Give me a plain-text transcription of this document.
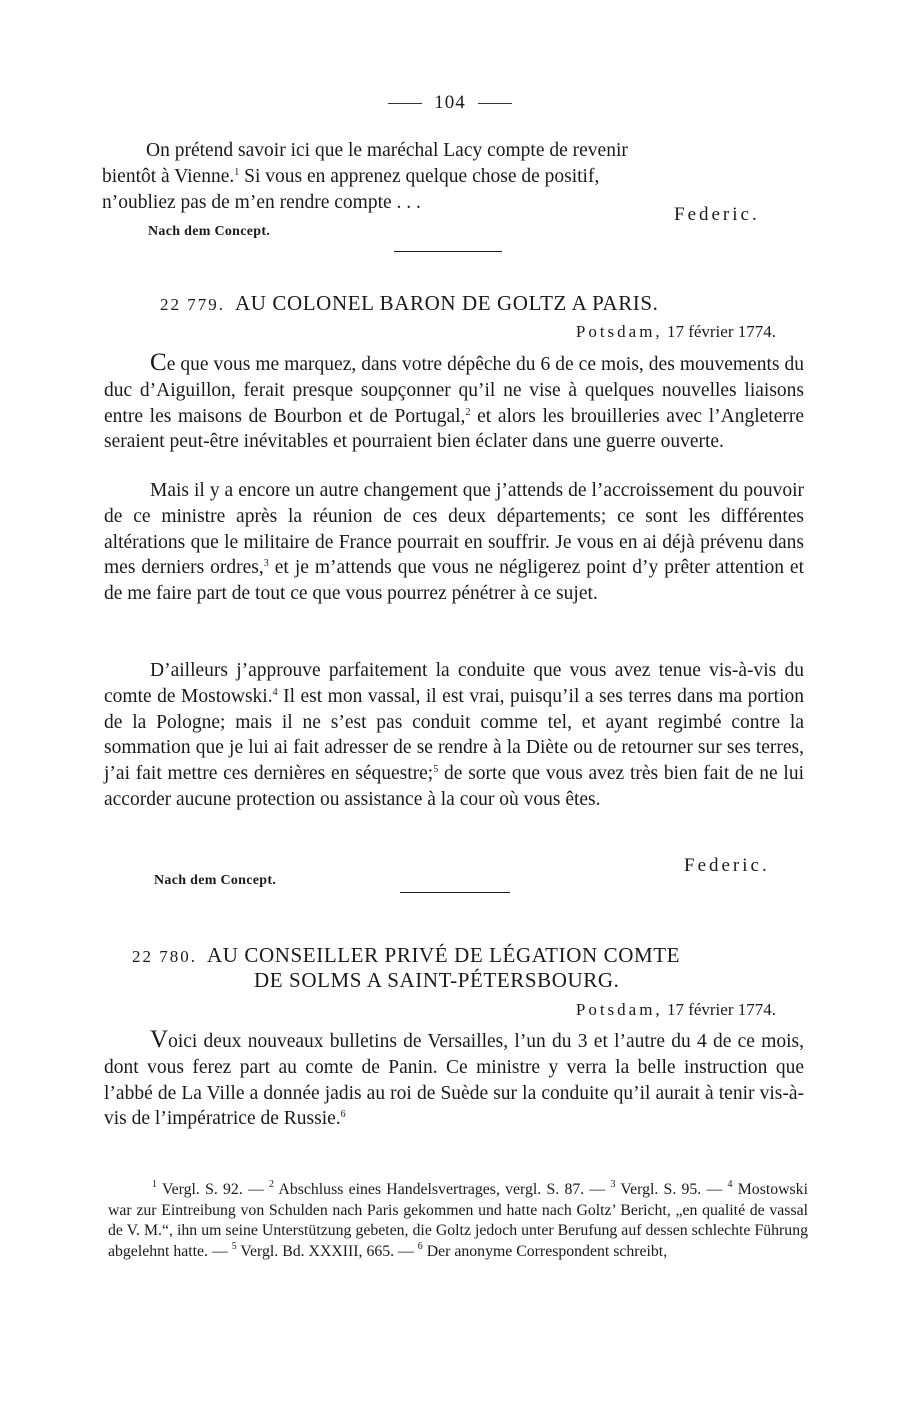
104
On prétend savoir ici que le maréchal Lacy compte de revenir
bientôt à Vienne.$^1$ Si vous en apprenez quelque chose de positif,
n’oubliez pas de m’en rendre compte . . .
Federic.
Nach dem Concept.
22 779. AU COLONEL BARON DE GOLTZ A PARIS.
Potsdam, 17 février 1774.
Ce que vous me marquez, dans votre dépêche du 6 de ce mois, des mouvements du duc d’Aiguillon, ferait presque soupçonner qu’il ne vise à quelques nouvelles liaisons entre les maisons de Bourbon et de Portugal,$^2$ et alors les brouilleries avec l’Angleterre seraient peut-être inévitables et pourraient bien éclater dans une guerre ouverte.
Mais il y a encore un autre changement que j’attends de l’accroissement du pouvoir de ce ministre après la réunion de ces deux départements; ce sont les différentes altérations que le militaire de France pourrait en souffrir. Je vous en ai déjà prévenu dans mes derniers ordres,$^3$ et je m’attends que vous ne négligerez point d’y prêter attention et de me faire part de tout ce que vous pourrez pénétrer à ce sujet.
D’ailleurs j’approuve parfaitement la conduite que vous avez tenue vis-à-vis du comte de Mostowski.$^4$ Il est mon vassal, il est vrai, puisqu’il a ses terres dans ma portion de la Pologne; mais il ne s’est pas conduit comme tel, et ayant regimbé contre la sommation que je lui ai fait adresser de se rendre à la Diète ou de retourner sur ses terres, j’ai fait mettre ces dernières en séquestre;$^5$ de sorte que vous avez très bien fait de ne lui accorder aucune protection ou assistance à la cour où vous êtes.
Federic.
Nach dem Concept.
22 780. AU CONSEILLER PRIVÉ DE LÉGATION COMTE
DE SOLMS A SAINT-PÉTERSBOURG.
Potsdam, 17 février 1774.
Voici deux nouveaux bulletins de Versailles, l’un du 3 et l’autre du 4 de ce mois, dont vous ferez part au comte de Panin. Ce ministre y verra la belle instruction que l’abbé de La Ville a donnée jadis au roi de Suède sur la conduite qu’il aurait à tenir vis-à-vis de l’impératrice de Russie.$^6$
$^1$ Vergl. S. 92. — $^2$ Abschluss eines Handelsvertrages, vergl. S. 87. — $^3$ Vergl. S. 95. — $^4$ Mostowski war zur Eintreibung von Schulden nach Paris gekommen und hatte nach Goltz’ Bericht, „en qualité de vassal de V. M.“, ihn um seine Unterstützung gebeten, die Goltz jedoch unter Berufung auf dessen schlechte Führung abgelehnt hatte. — $^5$ Vergl. Bd. XXXIII, 665. — $^6$ Der anonyme Correspondent schreibt,
